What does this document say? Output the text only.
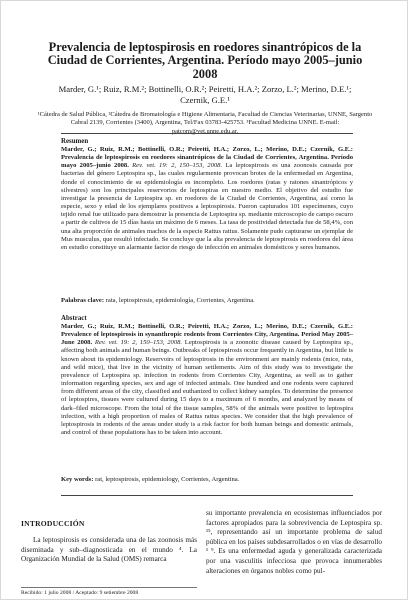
Prevalencia de leptospirosis en roedores sinantrópicos de la Ciudad de Corrientes, Argentina. Período mayo 2005–junio 2008
Marder, G.¹; Ruiz, R.M.²; Bottinelli, O.R.²; Peiretti, H.A.²; Zorzo, L.²; Merino, D.E.¹; Czernik, G.E.¹
¹Cátedra de Salud Pública, ²Cátedra de Bromatología e Higiene Alimentaria, Facultad de Ciencias Veterinarias, UNNE, Sargento Cabral 2139, Corrientes (3400), Argentina, Tel/Fax 03783-425753. ³Facultad Medicina UNNE. E-mail: patcom@vet.unne.edu.ar.
Resumen
Marder, G.; Ruiz, R.M.; Bottinelli, O.R.; Peiretti, H.A.; Zorzo, L.; Merino, D.E.; Czernik, G.E.: Prevalencia de leptospirosis en roedores sinantrópicos de la Ciudad de Corrientes, Argentina. Período mayo 2005–junio 2008. Rev. vet. 19: 2, 150–153, 2008. La leptospirosis es una zoonosis causada por bacterias del género Leptospira sp., las cuales regularmente provocan brotes de la enfermedad en Argentina, donde el conocimiento de su epidemiología es incompleto. Los roedores (ratas y ratones sinantrópicos y silvestres) son los principales reservorios de leptospiras en nuestro medio. El objetivo del estudio fue investigar la presencia de Leptospira sp. en roedores de la Ciudad de Corrientes, Argentina, así como la especie, sexo y edad de los ejemplares positivos a leptospirosis. Fueron capturados 101 especímenes, cuyo tejido renal fue utilizado para demostrar la presencia de Leptospira sp. mediante microscopio de campo oscuro a partir de cultivos de 15 días hasta un máximo de 6 meses. La tasa de positividad detectada fue de 58,4%, con una alta proporción de animales machos de la especie Rattus rattus. Solamente pudo capturarse un ejemplar de Mus musculus, que resultó infectado. Se concluye que la alta prevalencia de leptospirosis en roedores del área en estudio constituye un alarmante factor de riesgo de infección en animales domésticos y seres humanos.
Palabras clave: rata, leptospirosis, epidemiología, Corrientes, Argentina.
Abstract
Marder, G.; Ruiz, R.M.; Bottinelli, O.R.; Peiretti, H.A.; Zorzo, L.; Merino, D.E.; Czernik, G.E.: Prevalence of leptospirosis in synanthropic rodents from Corrientes City, Argentina. Period May 2005–June 2008. Rev. vet. 19: 2, 150–153, 2008. Leptospirosis is a zoonotic disease caused by Leptospira sp., affecting both animals and human beings. Outbreaks of leptospirosis occur frequently in Argentina, but little is known about its epidemiology. Reservoirs of leptospirosis in the environment are mainly rodents (mice, rats, and wild mice), that live in the vicinity of human settlements. Aim of this study was to investigate the prevalence of Leptospira sp. infection in rodents from Corrientes City, Argentina, as well as to gather information regarding species, sex and age of infected animals. One hundred and one rodents were captured from different areas of the city, classified and euthanized to collect kidney samples. To determine the presence of leptospires, tissues were cultured during 15 days to a maximum of 6 months, and analyzed by means of dark–filed microscope. From the total of the tissue samples, 58% of the animals were positive to leptospira infection, with a high proportion of males of Rattus rattus species. We consider that the high prevalence of leptospirosis in rodents of the areas under study is a risk factor for both human beings and domestic animals, and control of these populations has to be taken into account.
Key words: rat, leptospirosis, epidemiology, Corrientes, Argentina.
INTRODUCCIÓN
La leptospirosis es considerada una de las zoonosis más diseminada y sub–diagnosticada en el mundo ⁴. La Organización Mundial de la Salud (OMS) remarca
su importante prevalencia en ecosistemas influenciados por factores apropiados para la sobrevivencia de Leptospira sp. ¹⁵, representando así un importante problema de salud pública en los países subdesarrollados o en vías de desarrollo ¹ ⁹. Es una enfermedad aguda y generalizada caracterizada por una vasculitis infecciosa que provoca innumerables alteraciones en órganos nobles como pul-
Recibido: 1 julio 2008 / Aceptado: 9 setiembre 2008
